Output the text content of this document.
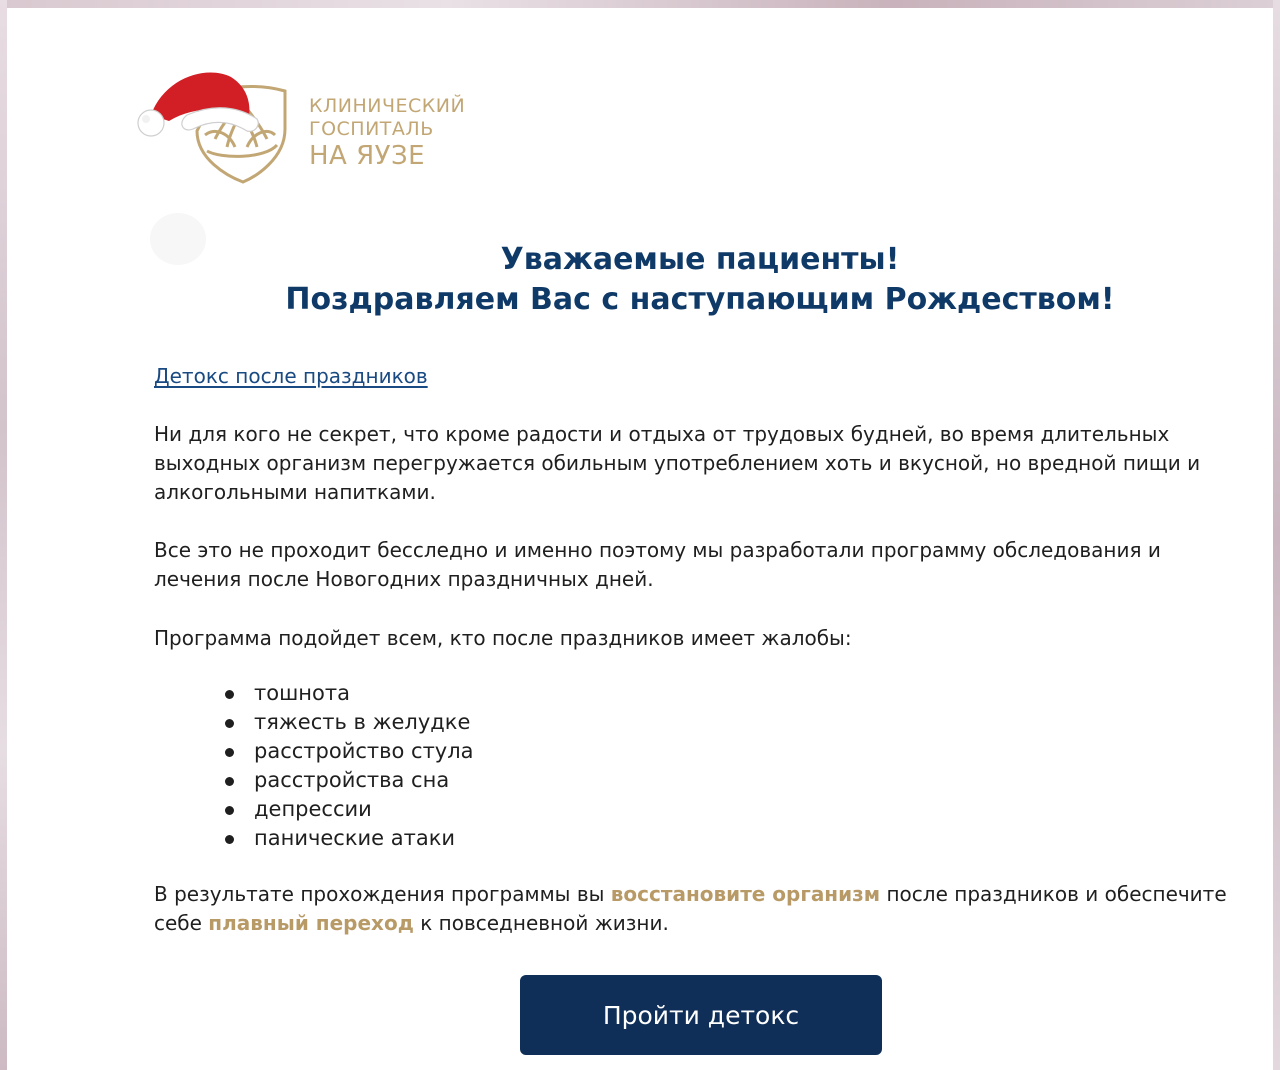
КЛИНИЧЕСКИЙ
ГОСПИТАЛЬ
НА ЯУЗЕ
Уважаемые пациенты!
Поздравляем Вас с наступающим Рождеством!
Детокс после праздников

Ни для кого не секрет, что кроме радости и отдыха от трудовых будней, во время длительных выходных организм перегружается обильным употреблением хоть и вкусной, но вредной пищи и алкогольными напитками.

Все это не проходит бесследно и именно поэтому мы разработали программу обследования и лечения после Новогодних праздничных дней.

Программа подойдет всем, кто после праздников имеет жалобы:

тошнота
тяжесть в желудке
расстройство стула
расстройства сна
депрессии
панические атаки

В результате прохождения программы вы восстановите организм после праздников и обеспечите себе плавный переход к повседневной жизни.

Пройти детокс
